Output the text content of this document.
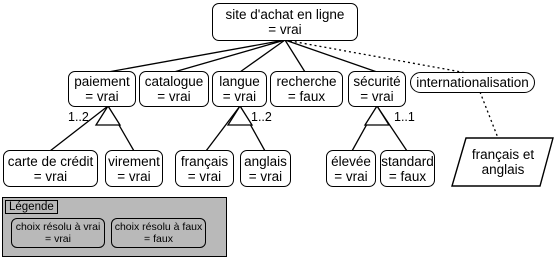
site d'achat en ligne
= vrai
paiement
= vrai
catalogue
= vrai
langue
= vrai
recherche
= faux
sécurité
= vrai
internationalisation
1..2	1..2	1..1
carte de crédit
= vrai
virement
= vrai
français
= vrai
anglais
= vrai
élevée
= vrai
standard
= faux
français et
anglais
Légende
choix résolu à vrai
= vrai
choix résolu à faux
= faux
